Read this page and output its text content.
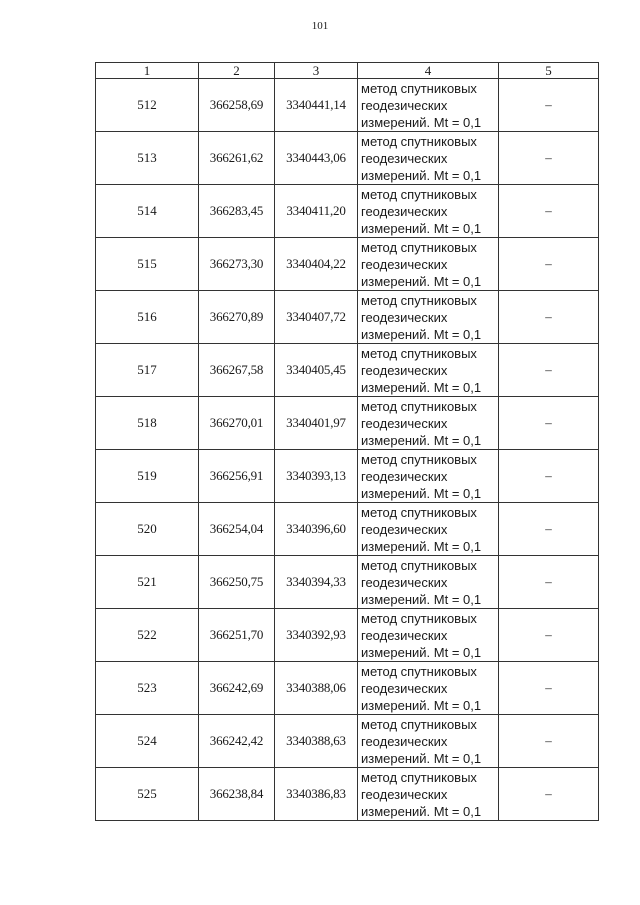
101
1	2	3	4	5
512	366258,69	3340441,14	метод спутниковых
геодезических
измерений. Mt = 0,1	–
513	366261,62	3340443,06	метод спутниковых
геодезических
измерений. Mt = 0,1	–
514	366283,45	3340411,20	метод спутниковых
геодезических
измерений. Mt = 0,1	–
515	366273,30	3340404,22	метод спутниковых
геодезических
измерений. Mt = 0,1	–
516	366270,89	3340407,72	метод спутниковых
геодезических
измерений. Mt = 0,1	–
517	366267,58	3340405,45	метод спутниковых
геодезических
измерений. Mt = 0,1	–
518	366270,01	3340401,97	метод спутниковых
геодезических
измерений. Mt = 0,1	–
519	366256,91	3340393,13	метод спутниковых
геодезических
измерений. Mt = 0,1	–
520	366254,04	3340396,60	метод спутниковых
геодезических
измерений. Mt = 0,1	–
521	366250,75	3340394,33	метод спутниковых
геодезических
измерений. Mt = 0,1	–
522	366251,70	3340392,93	метод спутниковых
геодезических
измерений. Mt = 0,1	–
523	366242,69	3340388,06	метод спутниковых
геодезических
измерений. Mt = 0,1	–
524	366242,42	3340388,63	метод спутниковых
геодезических
измерений. Mt = 0,1	–
525	366238,84	3340386,83	метод спутниковых
геодезических
измерений. Mt = 0,1	–
